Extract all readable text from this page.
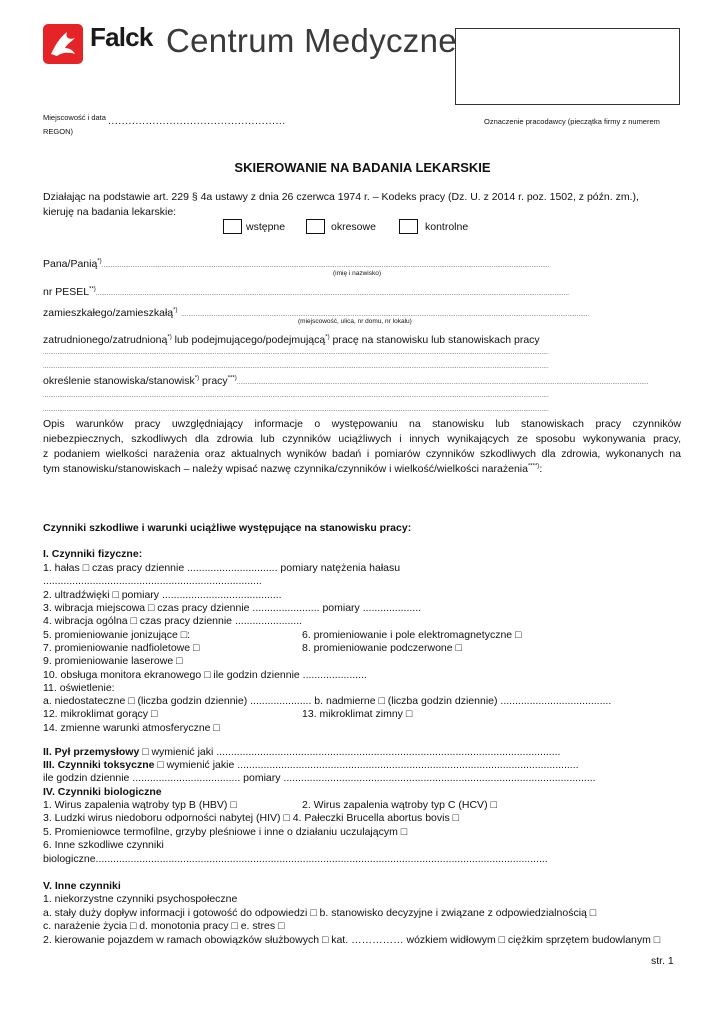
Falck Centrum Medyczne
Miejscowość i data ....................................................
REGON)
Oznaczenie pracodawcy (pieczątka firmy z numerem
SKIEROWANIE NA BADANIA LEKARSKIE
Działając na podstawie art. 229 § 4a ustawy z dnia 26 czerwca 1974 r. – Kodeks pracy (Dz. U. z 2014 r. poz. 1502, z późn. zm.),
kieruję na badania lekarskie:
wstępne	okresowe	kontrolne
Pana/Panią*)........................................................................................................................................................................................................................................................
(imię i nazwisko)
nr PESEL**)......................................................................................................................................................................................................................................................................
zamieszkałego/zamieszkałą*)  ..................................................................................................................................................................................................................................
(miejscowość, ulica, nr domu, nr lokalu)
zatrudnionego/zatrudnioną*) lub podejmującego/podejmującą*) pracę na stanowisku lub stanowiskach pracy
........................................................................................................................................................................................................................................................................................
........................................................................................................................................................................................................................................................................................
określenie stanowiska/stanowisk*) pracy***)....................................................................................................................................................................................................................................
........................................................................................................................................................................................................................................................................................
........................................................................................................................................................................................................................................................................................
Opis warunków pracy uwzględniający informacje o występowaniu na stanowisku lub stanowiskach pracy czynników
niebezpiecznych, szkodliwych dla zdrowia lub czynników uciążliwych i innych wynikających ze sposobu wykonywania pracy,
z podaniem wielkości narażenia oraz aktualnych wyników badań i pomiarów czynników szkodliwych dla zdrowia, wykonanych na
tym stanowisku/stanowiskach – należy wpisać nazwę czynnika/czynników i wielkość/wielkości narażenia****):
Czynniki szkodliwe i warunki uciążliwe występujące na stanowisku pracy:
I. Czynniki fizyczne:
1. hałas □ czas pracy dziennie ............................... pomiary natężenia hałasu
...........................................................................
2. ultradźwięki □ pomiary .........................................
3. wibracja miejscowa □ czas pracy dziennie ....................... pomiary ....................
4. wibracja ogólna □ czas pracy dziennie .......................
5. promieniowanie jonizujące □:	6. promieniowanie i pole elektromagnetyczne □
7. promieniowanie nadfioletowe □	8. promieniowanie podczerwone □
9. promieniowanie laserowe □
10. obsługa monitora ekranowego □ ile godzin dziennie ......................
11. oświetlenie:
a. niedostateczne □ (liczba godzin dziennie) ..................... b. nadmierne □ (liczba godzin dziennie) ......................................
12. mikroklimat gorący □	13. mikroklimat zimny □
14. zmienne warunki atmosferyczne □
II. Pył przemysłowy □ wymienić jaki ......................................................................................................................
III. Czynniki toksyczne □ wymienić jakie .....................................................................................................................
ile godzin dziennie ..................................... pomiary ...........................................................................................................
IV. Czynniki biologiczne
1. Wirus zapalenia wątroby typ B (HBV) □	2. Wirus zapalenia wątroby typ C (HCV) □
3. Ludzki wirus niedoboru odporności nabytej (HIV) □ 4. Pałeczki Brucella abortus bovis □
5. Promieniowce termofilne, grzyby pleśniowe i inne o działaniu uczulającym □
6. Inne szkodliwe czynniki
biologiczne...........................................................................................................................................................
V. Inne czynniki
1. niekorzystne czynniki psychospołeczne
a. stały duży dopływ informacji i gotowość do odpowiedzi □ b. stanowisko decyzyjne i związane z odpowiedzialnością □
c. narażenie życia □ d. monotonia pracy □ e. stres □
2. kierowanie pojazdem w ramach obowiązków służbowych □ kat. …………… wózkiem widłowym □ ciężkim sprzętem budowlanym □
str. 1
